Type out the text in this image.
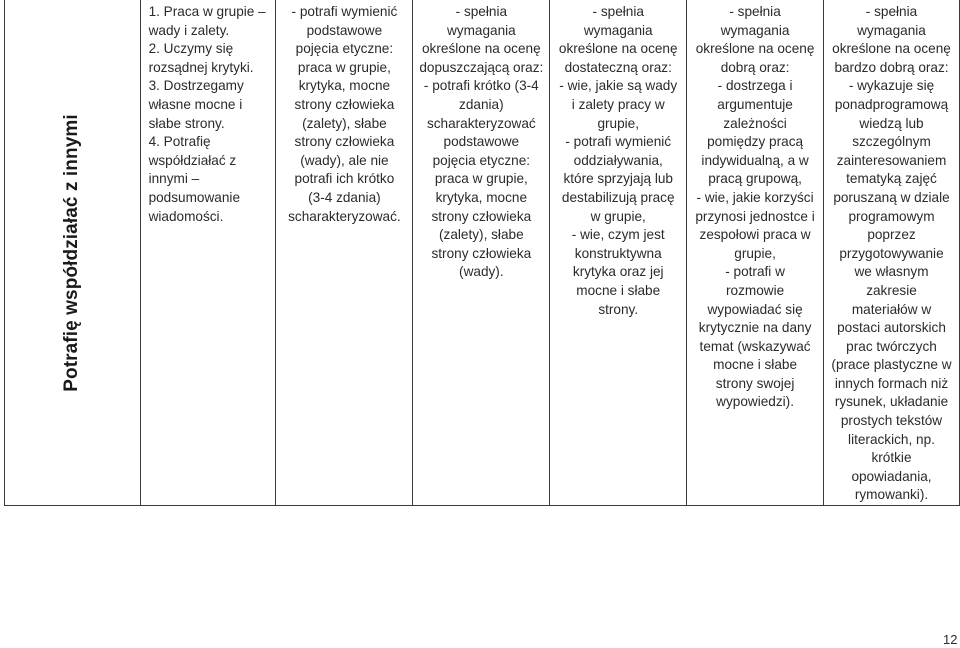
Potrafię współdziałać z innymi

1. Praca w grupie –
wady i zalety.
2. Uczymy się
rozsądnej krytyki.
3. Dostrzegamy
własne mocne i
słabe strony.
4. Potrafię
współdziałać z
innymi –
podsumowanie
wiadomości.

- potrafi wymienić
podstawowe
pojęcia etyczne:
praca w grupie,
krytyka, mocne
strony człowieka
(zalety), słabe
strony człowieka
(wady), ale nie
potrafi ich krótko
(3-4 zdania)
scharakteryzować.

- spełnia
wymagania
określone na ocenę
dopuszczającą oraz:
- potrafi krótko (3-4
zdania)
scharakteryzować
podstawowe
pojęcia etyczne:
praca w grupie,
krytyka, mocne
strony człowieka
(zalety), słabe
strony człowieka
(wady).

- spełnia
wymagania
określone na ocenę
dostateczną oraz:
- wie, jakie są wady
i zalety pracy w
grupie,
- potrafi wymienić
oddziaływania,
które sprzyjają lub
destabilizują pracę
w grupie,
- wie, czym jest
konstruktywna
krytyka oraz jej
mocne i słabe
strony.

- spełnia
wymagania
określone na ocenę
dobrą oraz:
- dostrzega i
argumentuje
zależności
pomiędzy pracą
indywidualną, a w
pracą grupową,
- wie, jakie korzyści
przynosi jednostce i
zespołowi praca w
grupie,
- potrafi w
rozmowie
wypowiadać się
krytycznie na dany
temat (wskazywać
mocne i słabe
strony swojej
wypowiedzi).

- spełnia
wymagania
określone na ocenę
bardzo dobrą oraz:
- wykazuje się
ponadprogramową
wiedzą lub
szczególnym
zainteresowaniem
tematyką zajęć
poruszaną w dziale
programowym
poprzez
przygotowywanie
we własnym
zakresie
materiałów w
postaci autorskich
prac twórczych
(prace plastyczne w
innych formach niż
rysunek, układanie
prostych tekstów
literackich, np.
krótkie
opowiadania,
rymowanki).

12
